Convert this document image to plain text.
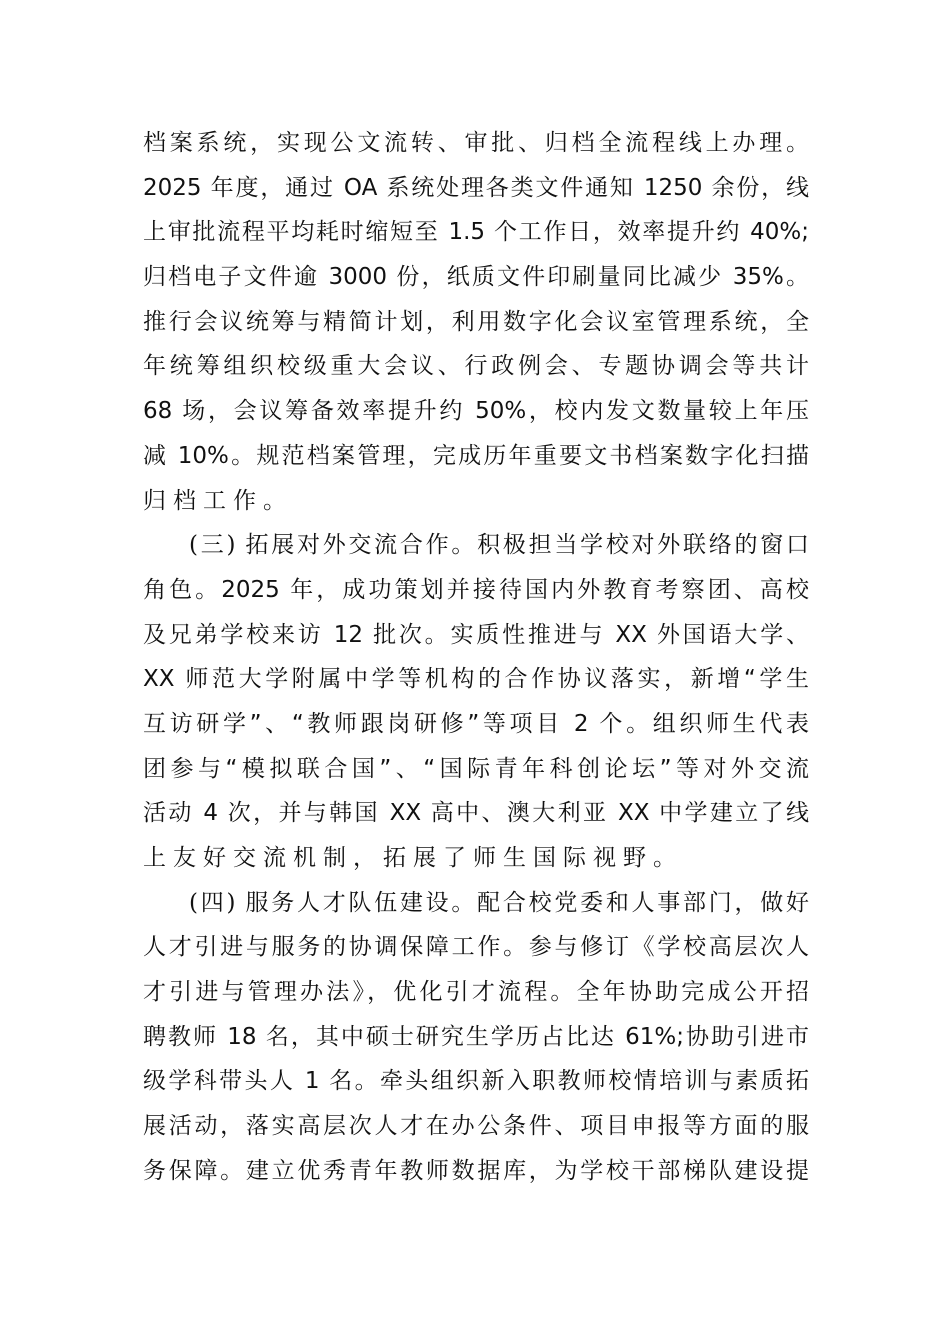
档案系统，实现公文流转、审批、归档全流程线上办理。
2025 年度，通过 OA 系统处理各类文件通知 1250 余份，线
上审批流程平均耗时缩短至 1.5 个工作日，效率提升约 40%;
归档电子文件逾 3000 份，纸质文件印刷量同比减少 35%。
推行会议统筹与精简计划，利用数字化会议室管理系统，全
年统筹组织校级重大会议、行政例会、专题协调会等共计
68 场，会议筹备效率提升约 50%，校内发文数量较上年压
减 10%。规范档案管理，完成历年重要文书档案数字化扫描
归档工作。
(三) 拓展对外交流合作。积极担当学校对外联络的窗口
角色。2025 年，成功策划并接待国内外教育考察团、高校
及兄弟学校来访 12 批次。实质性推进与 XX 外国语大学、
XX 师范大学附属中学等机构的合作协议落实，新增“学生
互访研学”、“教师跟岗研修”等项目 2 个。组织师生代表
团参与“模拟联合国”、“国际青年科创论坛”等对外交流
活动 4 次，并与韩国 XX 高中、澳大利亚 XX 中学建立了线
上友好交流机制，拓展了师生国际视野。
(四) 服务人才队伍建设。配合校党委和人事部门，做好
人才引进与服务的协调保障工作。参与修订《学校高层次人
才引进与管理办法》，优化引才流程。全年协助完成公开招
聘教师 18 名，其中硕士研究生学历占比达 61%;协助引进市
级学科带头人 1 名。牵头组织新入职教师校情培训与素质拓
展活动，落实高层次人才在办公条件、项目申报等方面的服
务保障。建立优秀青年教师数据库，为学校干部梯队建设提
